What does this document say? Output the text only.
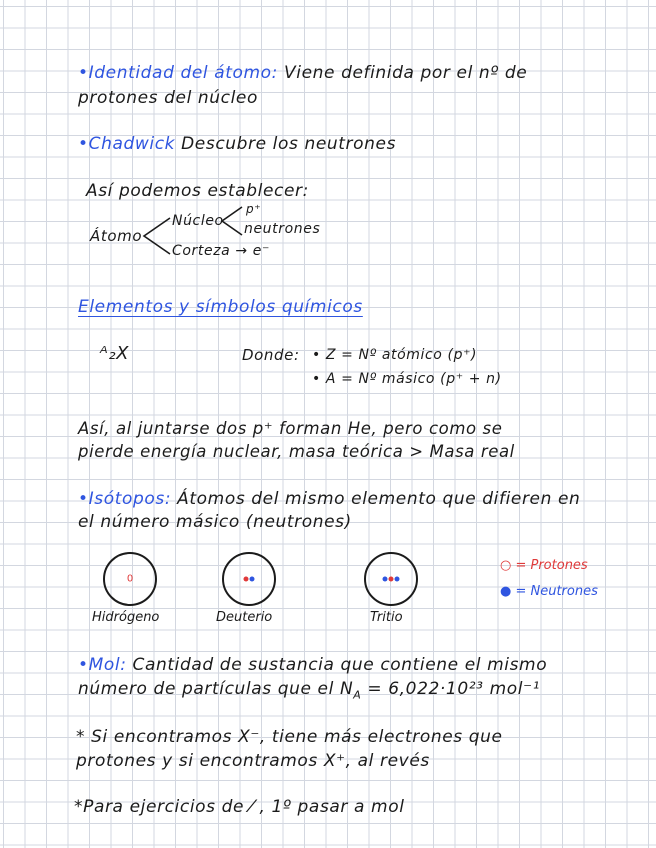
•Identidad del átomo: Viene definida por el nº de
protones del núcleo
•Chadwick Descubre los neutrones
Así podemos establecer:
Átomo
Núcleo
p⁺
neutrones
Corteza → e⁻
Elementos y símbolos químicos
ᴬ₂X	Donde: • Z = Nº atómico (p⁺)
• A = Nº másico (p⁺ + n)
Así, al juntarse dos p⁺ forman He, pero como se
pierde energía nuclear, masa teórica > Masa real
•Isótopos: Átomos del mismo elemento que difieren en
el número másico (neutrones)
0
Hidrógeno	Deuterio	Tritio
○ = Protones
● = Neutrones
•Mol: Cantidad de sustancia que contiene el mismo
número de partículas que el $N_A = 6,022\cdot 10^{23}$ mol⁻¹
* Si encontramos X⁻, tiene más electrones que
protones y si encontramos X⁺, al revés
*Para ejercicios de ⁄ , 1º pasar a mol
